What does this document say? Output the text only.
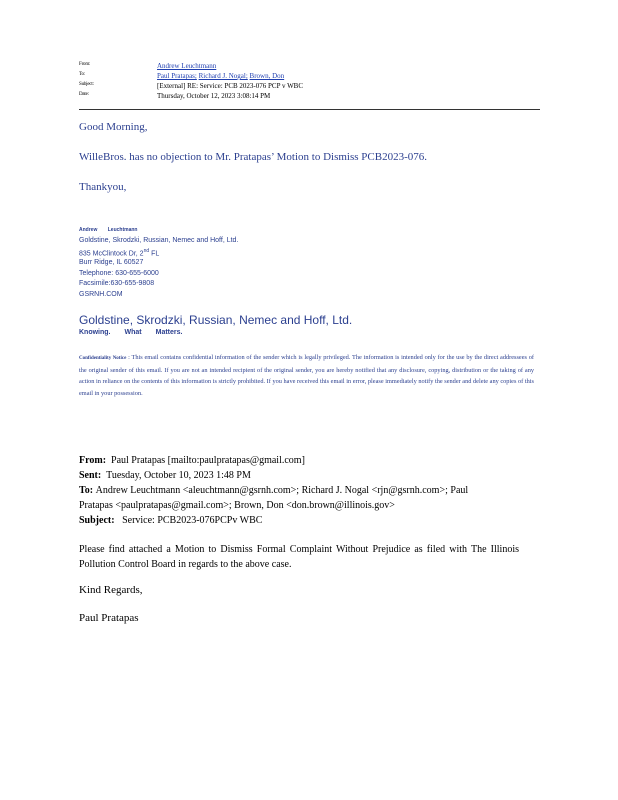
From:	Andrew Leuchtmann
To:	Paul Pratapas; Richard J. Nogal; Brown, Don
Subject:	[External] RE: Service: PCB 2023-076 PCP v WBC
Date:	Thursday, October 12, 2023 3:08:14 PM
Good Morning,
WilleBros. has no objection to Mr. Pratapas’ Motion to Dismiss PCB2023-076.
Thankyou,
Andrew Leuchtmann
Goldstine, Skrodzki, Russian, Nemec and Hoff, Ltd.
835 McClintock Dr, 2nd FL
Burr Ridge, IL 60527
Telephone: 630-655-6000
Facsimile:630-655-9808
GSRNH.COM
Goldstine, Skrodzki, Russian, Nemec and Hoff, Ltd.
Knowing. What Matters.
Confidentiality Notice : This email contains confidential information of the sender which is legally privileged. The information is intended only for the use by the direct addressees of the original sender of this email. If you are not an intended recipient of the original sender, you are hereby notified that any disclosure, copying, distribution or the taking of any action in reliance on the contents of this information is strictly prohibited. If you have received this email in error, please immediately notify the sender and delete any copies of this email in your possession.
From: Paul Pratapas [mailto:paulpratapas@gmail.com]
Sent: Tuesday, October 10, 2023 1:48 PM
To: Andrew Leuchtmann <aleuchtmann@gsrnh.com>; Richard J. Nogal <rjn@gsrnh.com>; Paul
Pratapas <paulpratapas@gmail.com>; Brown, Don <don.brown@illinois.gov>
Subject: Service: PCB2023-076PCPv WBC
Please find attached a Motion to Dismiss Formal Complaint Without Prejudice as filed with The Illinois Pollution Control Board in regards to the above case.
Kind Regards,
Paul Pratapas
